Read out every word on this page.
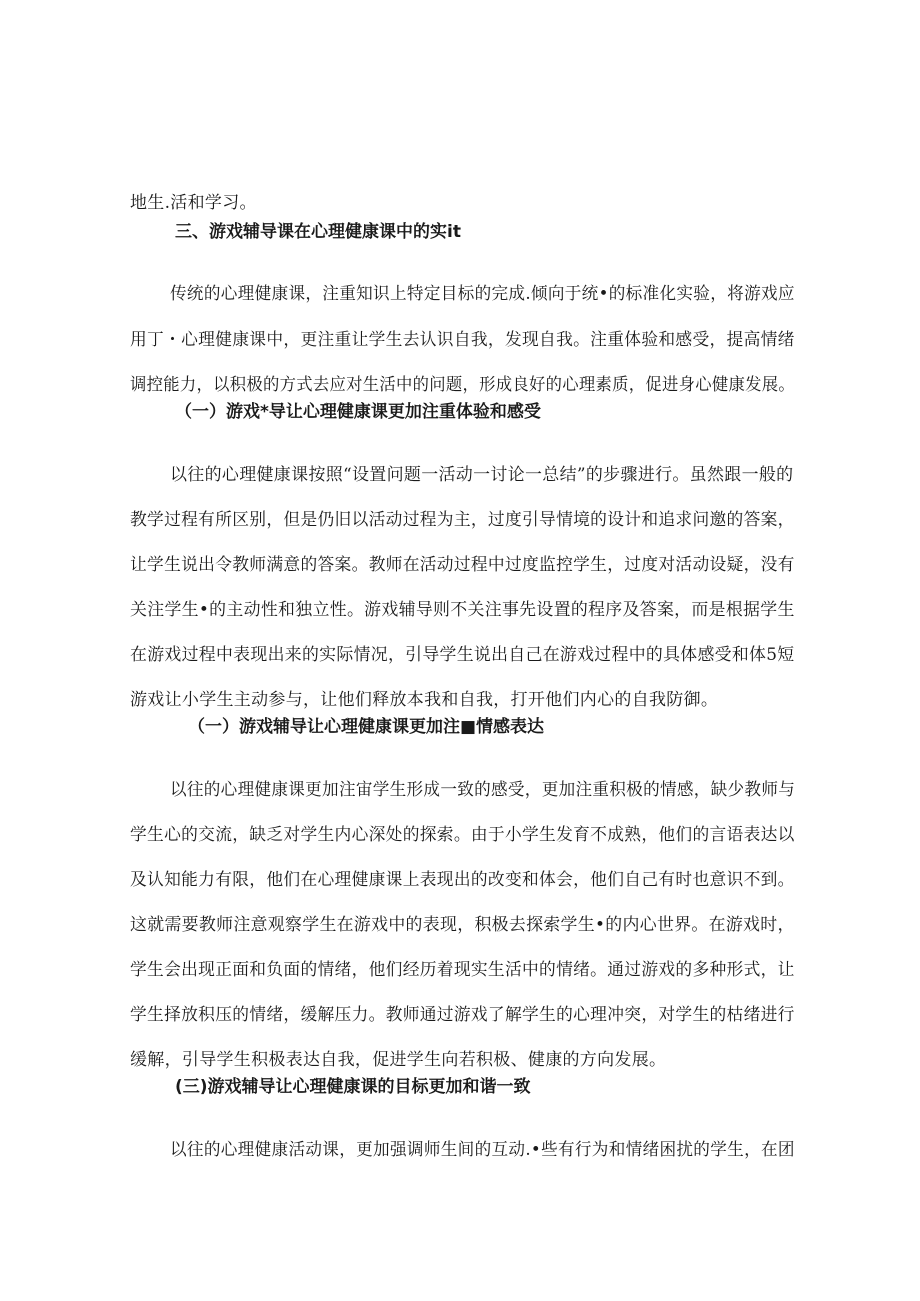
地生.活和学习。

三、游戏辅导课在心理健康课中的实it

传统的心理健康课，注重知识上特定目标的完成.倾向于统•的标准化实验，将游戏应

用丁・心理健康课中，更注重让学生去认识自我，发现自我。注重体验和感受，提高情绪

调控能力，以积极的方式去应对生活中的问题，形成良好的心理素质，促进身心健康发展。

（一）游戏*导让心理健康课更加注重体验和感受

以往的心理健康课按照“设置问题一活动一讨论一总结”的步骤进行。虽然跟一般的

教学过程有所区别，但是仍旧以活动过程为主，过度引导情境的设计和追求问邀的答案，

让学生说出令教师满意的答案。教师在活动过程中过度监控学生，过度对活动设疑，没有

关注学生•的主动性和独立性。游戏辅导则不关注事先设置的程序及答案，而是根据学生

在游戏过程中表现出来的实际情况，引导学生说出自己在游戏过程中的具体感受和体5短

游戏让小学生主动参与，让他们释放本我和自我，打开他们内心的自我防御。

（一）游戏辅导让心理健康课更加注■情感表达

以往的心理健康课更加注宙学生形成一致的感受，更加注重积极的情感，缺少教师与

学生心的交流，缺乏对学生内心深处的探索。由于小学生发育不成熟，他们的言语表达以

及认知能力有限，他们在心理健康课上表现出的改变和体会，他们自己有时也意识不到。

这就需要教师注意观察学生在游戏中的表现，积极去探索学生•的内心世界。在游戏时，

学生会出现正面和负面的情绪，他们经历着现实生活中的情绪。通过游戏的多种形式，让

学生择放积压的情绪，缓解压力。教师通过游戏了解学生的心理冲突，对学生的枯绪进行

缓解，引导学生积极表达自我，促进学生向若积极、健康的方向发展。

(三)游戏辅导让心理健康课的目标更加和谐一致

以往的心理健康活动课，更加强调师生间的互动.•些有行为和情绪困扰的学生，在团
